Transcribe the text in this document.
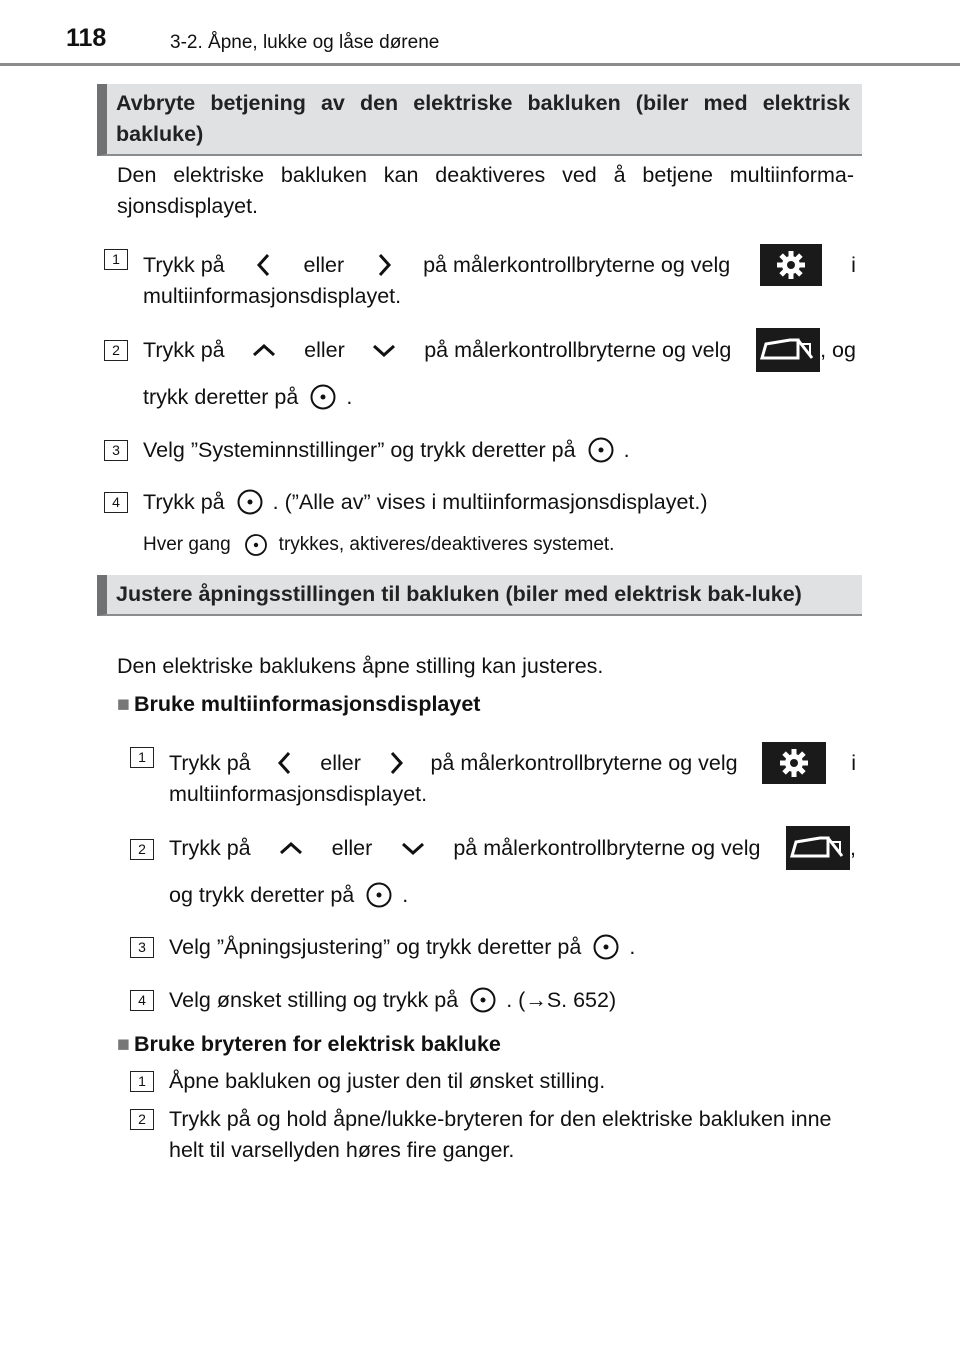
118	3-2. Åpne, lukke og låse dørene
Avbryte betjening av den elektriske bakluken (biler med elektrisk bakluke)
Den elektriske bakluken kan deaktiveres ved å betjene multiinforma-sjonsdisplayet.
1	Trykk på	eller	på målerkontrollbryterne og velg	i
multiinformasjonsdisplayet.
2	Trykk på	eller	på målerkontrollbryterne og velg	, og
trykk deretter på .
3	Velg ”Systeminnstillinger” og trykk deretter på .
4	Trykk på . (”Alle av” vises i multiinformasjonsdisplayet.)
Hver gang	trykkes, aktiveres/deaktiveres systemet.
Justere åpningsstillingen til bakluken (biler med elektrisk bak-luke)
Den elektriske baklukens åpne stilling kan justeres.
■ Bruke multiinformasjonsdisplayet
1	Trykk på	eller	på målerkontrollbryterne og velg	i
multiinformasjonsdisplayet.
2	Trykk på	eller	på målerkontrollbryterne og velg	,
og trykk deretter på .
3	Velg ”Åpningsjustering” og trykk deretter på .
4	Velg ønsket stilling og trykk på . ( → S. 652)
■ Bruke bryteren for elektrisk bakluke
1	Åpne bakluken og juster den til ønsket stilling.
2	Trykk på og hold åpne/lukke-bryteren for den elektriske bakluken inne helt til varsellyden høres fire ganger.
